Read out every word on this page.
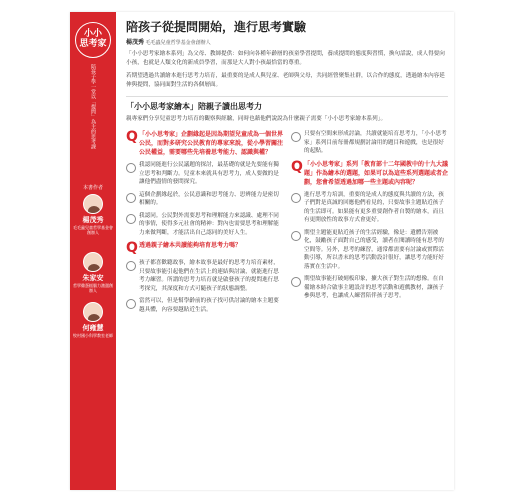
小小
思考家
陪孩子學一堂以「提問」為主的思考課
本書作者
楊茂秀
毛毛蟲兒童哲學基金會創辦人
朱家安
哲學雞蛋糕腦力激盪創辦人
何雍慧
牧村國小科學教室老師
陪孩子從提問開始，進行思考實驗
楊茂秀 毛毛蟲兒童哲學基金會創辦人

「小小思考家繪本系列」為父母、教師提供：如何向各種年齡層的孩童學習提問，養成提問的態度與習慣，換句話說，成人得要向小孩，也就是人類文化的新成員學習，而那是大人對小孩最恰當的尊重。

若期望透過共讀繪本進行思考力培育，最重要的是成人與兒童、老師與父母，共同經營聚集社群，以合作的態度，透過繪本內容延伸與提問，協同面對生活的各個層面。

「小小思考家繪本」陪親子讀出思考力
親專家們分享兒童思考力培育的觀察與經驗，同時也藉他們說說為什麼親子需要「小小思考家繪本系列」。
Q 「小小思考家」企劃緣起是因為期望兒童成為一個世界公民，而對多研究公民教育的專家來說，從小學習關注公民權益，需要哪些先培養思考能力、認識與權？
我認同能進行公民議題的探討，最基礎的就是先要能有獨立思考和判斷力。兒童本來就具有思考力，成人要做的是讓他們盡情的發問探究。
這個企劃緣起於，公民意識和思考能力、思辨能力是密切相關的。
我認同。公民對外需要思考和理解能力來認識、處理不同的事情，使得多元社會的精神：對內也需要思考和理解能力來做判斷，才能活出自己認同的美好人生。
Q 透過親子繪本共讀能夠培育思考力嗎？
孩子都喜歡聽故事，繪本故事是最好的思考力培育素材，只要故事能引起他們在生活上的連結與討論，就能進行思考力練習。所謂的思考力培育就是啟發孩子的提問進行思考探究，其深度和方式可隨孩子的狀態調整。
當然可以，但是幫學齡前的孩子找可供討論的繪本主題要越具體，內容要越貼近生活。
只要有空間來形成討論，共讀就能培育思考力，「小小思考家」系列目前每冊都規劃討論用的題目和遊戲，也是很好的起點。
Q 「小小思考家」系列「教育部十二年國教中的十九大議題」作為繪本的選題，如果可以為這些系列選題或者企劃，您會希望透過加哪一些主題或內容呢？
進行思考力培訓，重要的是成人的態度與共讀的方法，孩子們對是真誠的回應他們看見的，只要故事主題貼近孩子的生活即可。如果能有更多重要創作者自製的繪本，而且有更開放性的故事方式會更好。
期望主題能更貼近孩子的生活經驗，像是：遺體告別被化，鼓勵孩子面對自己的感受，讀者在閱讀時能有思考的空間等。另外，思考的練習，通常都需要有討論或實際活動引導，所以書末的思考活動設計很好，讓思考力能好好落實在生活中。
期望故事能打破刻板印象，擴大孩子對生活的想像。在自備繪本時合啟事主題設計的思考活動和遊戲教材，讓孩子參與思考，也讓成人練習陪伴孩子思考。
